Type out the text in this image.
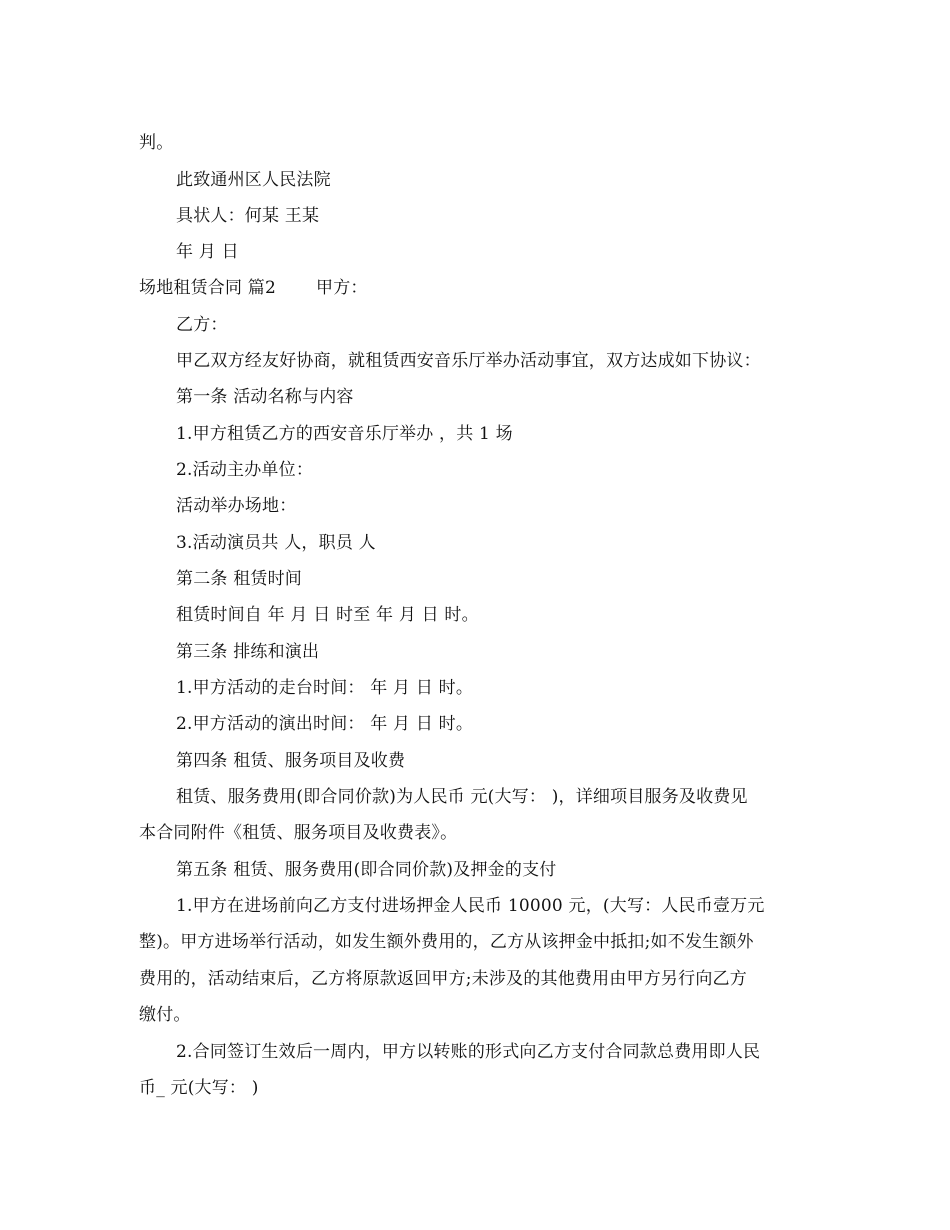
判。
此致通州区人民法院
具状人：何某 王某
年 月 日
场地租赁合同 篇2　　 甲方：
乙方：
甲乙双方经友好协商，就租赁西安音乐厅举办活动事宜，双方达成如下协议：
第一条 活动名称与内容
1.甲方租赁乙方的西安音乐厅举办 ，共 1 场
2.活动主办单位：
活动举办场地：
3.活动演员共 人，职员 人
第二条 租赁时间
租赁时间自 年 月 日 时至 年 月 日 时。
第三条 排练和演出
1.甲方活动的走台时间： 年 月 日 时。
2.甲方活动的演出时间： 年 月 日 时。
第四条 租赁、服务项目及收费
租赁、服务费用(即合同价款)为人民币 元(大写： )，详细项目服务及收费见
本合同附件《租赁、服务项目及收费表》。
第五条 租赁、服务费用(即合同价款)及押金的支付
1.甲方在进场前向乙方支付进场押金人民币 10000 元，(大写：人民币壹万元
整)。甲方进场举行活动，如发生额外费用的，乙方从该押金中抵扣;如不发生额外
费用的，活动结束后，乙方将原款返回甲方;未涉及的其他费用由甲方另行向乙方
缴付。
2.合同签订生效后一周内，甲方以转账的形式向乙方支付合同款总费用即人民
币_ 元(大写： )
